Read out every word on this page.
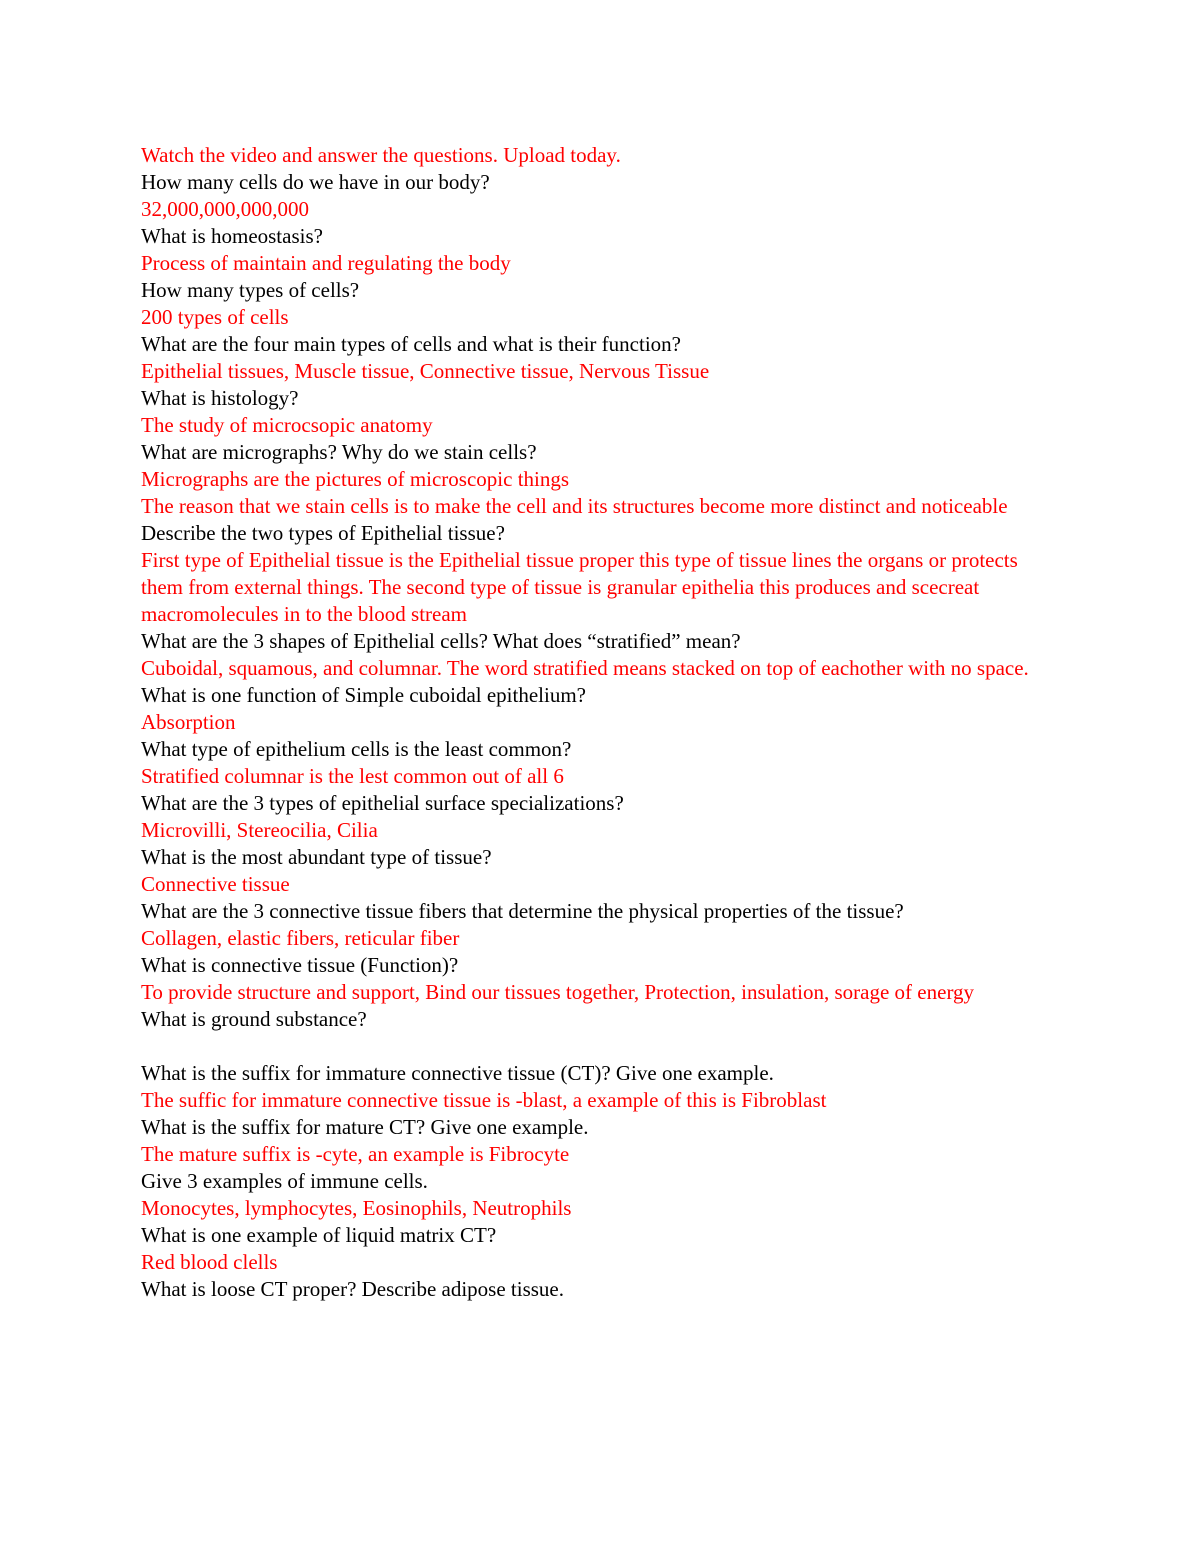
Watch the video and answer the questions. Upload today.

How many cells do we have in our body?

32,000,000,000,000

What is homeostasis?

Process of maintain and regulating the body

How many types of cells?

200 types of cells

What are the four main types of cells and what is their function?

Epithelial tissues, Muscle tissue, Connective tissue, Nervous Tissue

What is histology?

The study of microcsopic anatomy

What are micrographs? Why do we stain cells?

Micrographs are the pictures of microscopic things

The reason that we stain cells is to make the cell and its structures become more distinct and noticeable

Describe the two types of Epithelial tissue?

First type of Epithelial tissue is the Epithelial tissue proper this type of tissue lines the organs or protects them from external things. The second type of tissue is granular epithelia this produces and scecreat macromolecules in to the blood stream

What are the 3 shapes of Epithelial cells? What does “stratified” mean?

Cuboidal, squamous, and columnar. The word stratified means stacked on top of eachother with no space.

What is one function of Simple cuboidal epithelium?

Absorption

What type of epithelium cells is the least common?

Stratified columnar is the lest common out of all 6

What are the 3 types of epithelial surface specializations?

Microvilli, Stereocilia, Cilia

What is the most abundant type of tissue?

Connective tissue

What are the 3 connective tissue fibers that determine the physical properties of the tissue?

Collagen, elastic fibers, reticular fiber

What is connective tissue (Function)?

To provide structure and support, Bind our tissues together, Protection, insulation, sorage of energy

What is ground substance?

What is the suffix for immature connective tissue (CT)? Give one example.

The suffic for immature connective tissue is -blast, a example of this is Fibroblast

What is the suffix for mature CT? Give one example.

The mature suffix is -cyte, an example is Fibrocyte

Give 3 examples of immune cells.

Monocytes, lymphocytes, Eosinophils, Neutrophils

What is one example of liquid matrix CT?

Red blood clells

What is loose CT proper? Describe adipose tissue.
